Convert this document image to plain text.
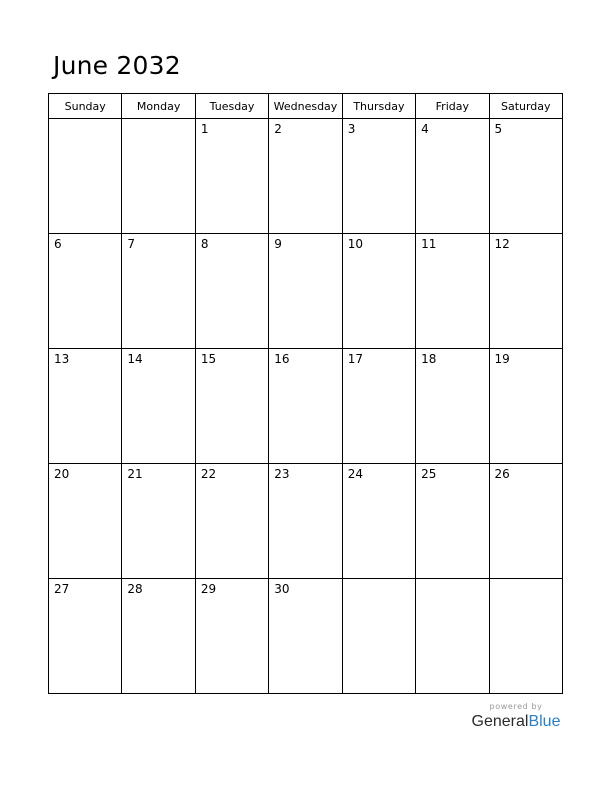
June 2032
Sunday	Monday	Tuesday	Wednesday	Thursday	Friday	Saturday

		1	2	3	4	5

6	7	8	9	10	11	12

13	14	15	16	17	18	19

20	21	22	23	24	25	26

27	28	29	30			

powered by
GeneralBlue
